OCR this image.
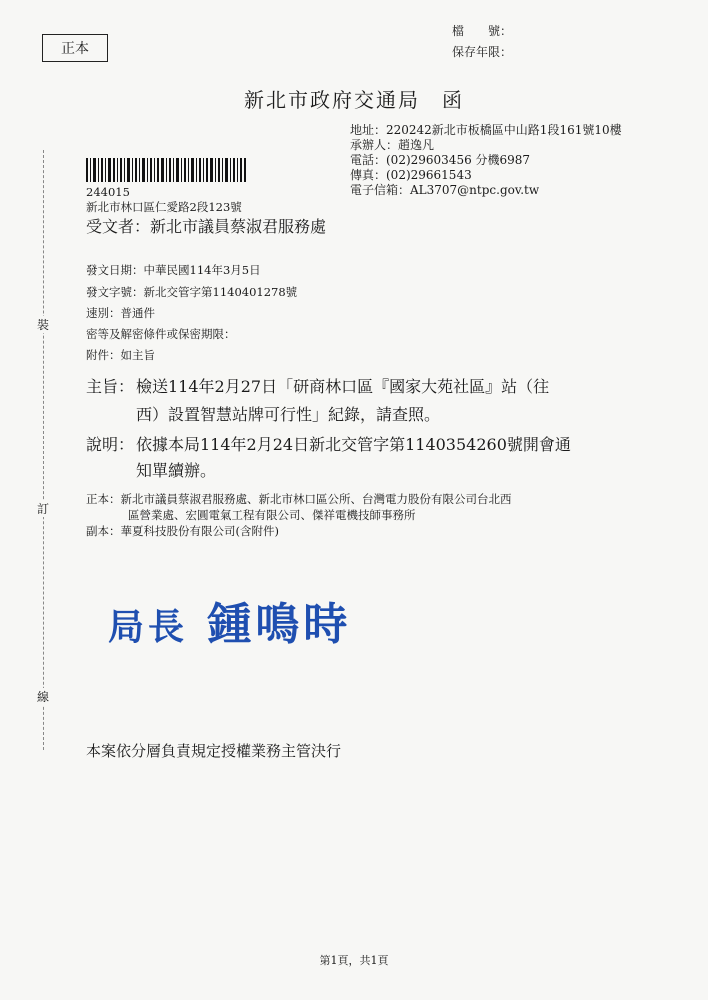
裝
訂
線
正本
檔　　號：
保存年限：
新北市政府交通局　函
地址：220242新北市板橋區中山路1段161號10樓
承辦人：趙逸凡
電話：(02)29603456 分機6987
傳真：(02)29661543
電子信箱：AL3707@ntpc.gov.tw
244015
新北市林口區仁愛路2段123號
受文者：新北市議員蔡淑君服務處
發文日期：中華民國114年3月5日
發文字號：新北交管字第1140401278號
速別：普通件
密等及解密條件或保密期限：
附件：如主旨
主旨： 檢送114年2月27日「研商林口區『國家大苑社區』站（往
西）設置智慧站牌可行性」紀錄，請查照。
說明： 依據本局114年2月24日新北交管字第1140354260號開會通
知單續辦。
正本：新北市議員蔡淑君服務處、新北市林口區公所、台灣電力股份有限公司台北西
區營業處、宏圓電氣工程有限公司、傑祥電機技師事務所
副本：華夏科技股份有限公司(含附件)
局長 鍾鳴時
本案依分層負責規定授權業務主管決行
第1頁，共1頁
